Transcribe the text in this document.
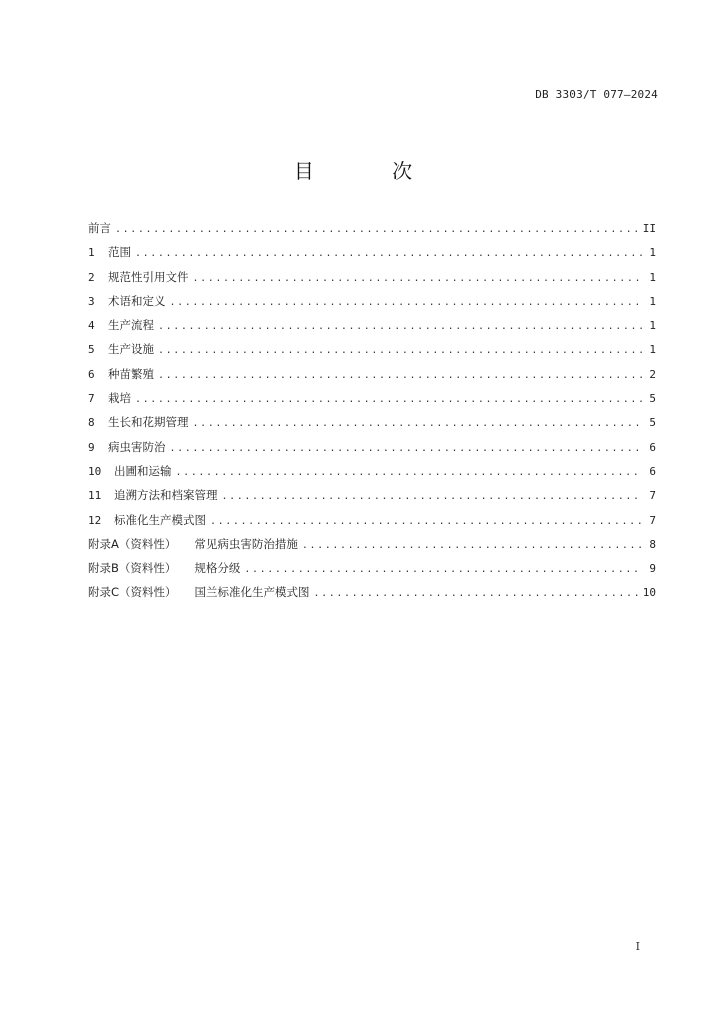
DB 3303/T 077—2024
目 次
前言 .....	II
1	范围 .....	1
2	规范性引用文件 .....	1
3	术语和定义 .....	1
4	生产流程 .....	1
5	生产设施 .....	1
6	种苗繁殖 .....	2
7	栽培 .....	5
8	生长和花期管理 .....	5
9	病虫害防治 .....	6
10	出圃和运输 .....	6
11	追溯方法和档案管理 .....	7
12	标准化生产模式图 .....	7
附录A（资料性）	常见病虫害防治措施 .....	8
附录B（资料性）	规格分级 .....	9
附录C（资料性）	国兰标准化生产模式图 .....	10
I
